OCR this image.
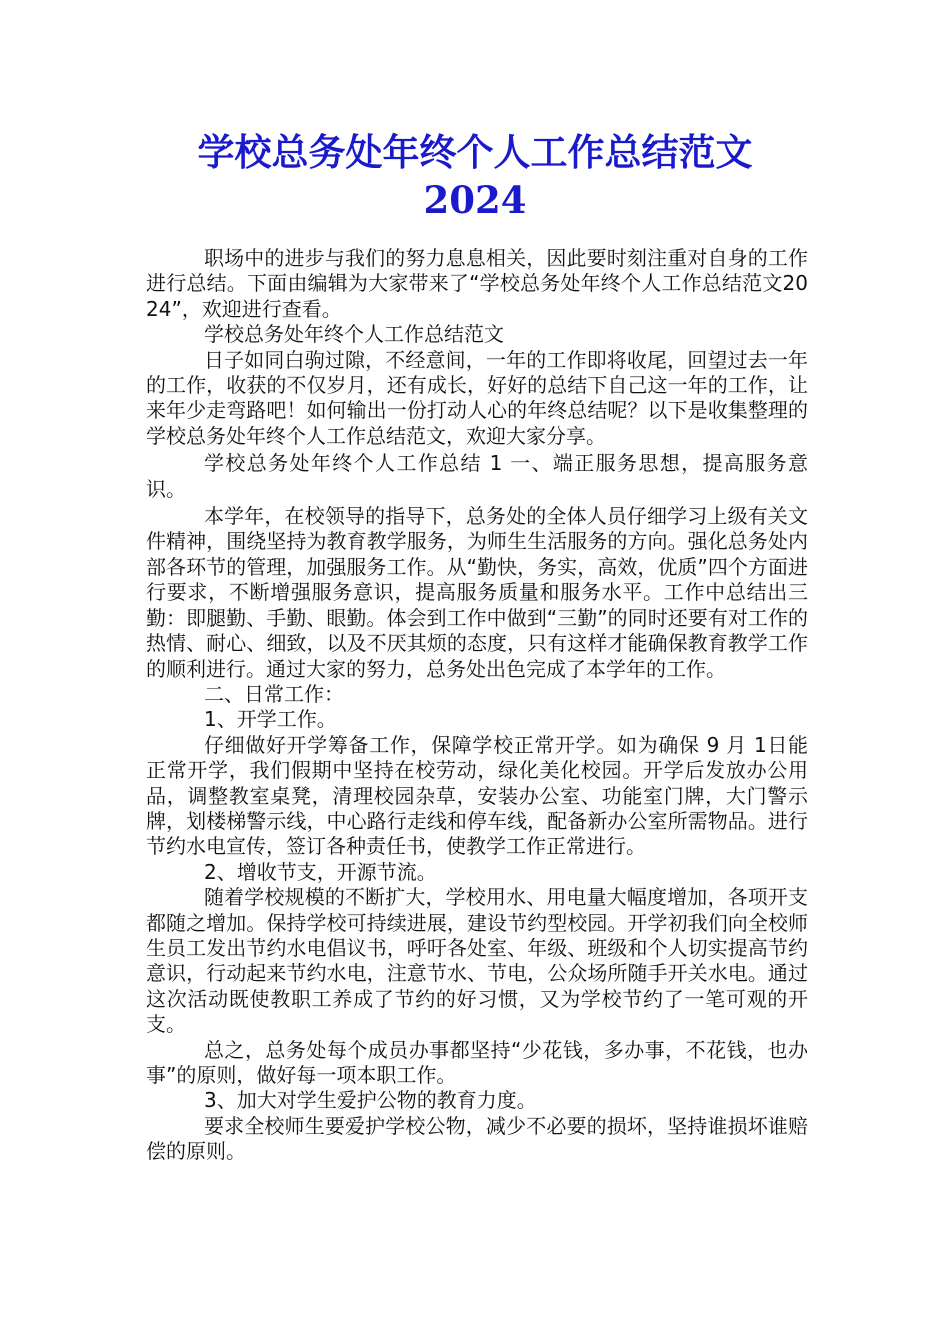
学校总务处年终个人工作总结范文
2024

职场中的进步与我们的努力息息相关，因此要时刻注重对自身的工作进行总结。下面由编辑为大家带来了“学校总务处年终个人工作总结范文2024”，欢迎进行查看。

学校总务处年终个人工作总结范文

日子如同白驹过隙，不经意间，一年的工作即将收尾，回望过去一年的工作，收获的不仅岁月，还有成长，好好的总结下自己这一年的工作，让来年少走弯路吧！如何输出一份打动人心的年终总结呢？以下是收集整理的学校总务处年终个人工作总结范文，欢迎大家分享。

学校总务处年终个人工作总结 1 一、端正服务思想，提高服务意识。

本学年，在校领导的指导下，总务处的全体人员仔细学习上级有关文件精神，围绕坚持为教育教学服务，为师生生活服务的方向。强化总务处内部各环节的管理，加强服务工作。从“勤快，务实，高效，优质”四个方面进行要求，不断增强服务意识，提高服务质量和服务水平。工作中总结出三勤：即腿勤、手勤、眼勤。体会到工作中做到“三勤”的同时还要有对工作的热情、耐心、细致，以及不厌其烦的态度，只有这样才能确保教育教学工作的顺利进行。通过大家的努力，总务处出色完成了本学年的工作。

二、日常工作：

1、开学工作。

仔细做好开学筹备工作，保障学校正常开学。如为确保 9 月 1日能正常开学，我们假期中坚持在校劳动，绿化美化校园。开学后发放办公用品，调整教室桌凳，清理校园杂草，安装办公室、功能室门牌，大门警示牌，划楼梯警示线，中心路行走线和停车线，配备新办公室所需物品。进行节约水电宣传，签订各种责任书，使教学工作正常进行。

2、增收节支，开源节流。

随着学校规模的不断扩大，学校用水、用电量大幅度增加，各项开支都随之增加。保持学校可持续进展，建设节约型校园。开学初我们向全校师生员工发出节约水电倡议书，呼吁各处室、年级、班级和个人切实提高节约意识，行动起来节约水电，注意节水、节电，公众场所随手开关水电。通过这次活动既使教职工养成了节约的好习惯，又为学校节约了一笔可观的开支。

总之，总务处每个成员办事都坚持“少花钱，多办事，不花钱，也办事”的原则，做好每一项本职工作。

3、加大对学生爱护公物的教育力度。

要求全校师生要爱护学校公物，减少不必要的损坏，坚持谁损坏谁赔偿的原则。
